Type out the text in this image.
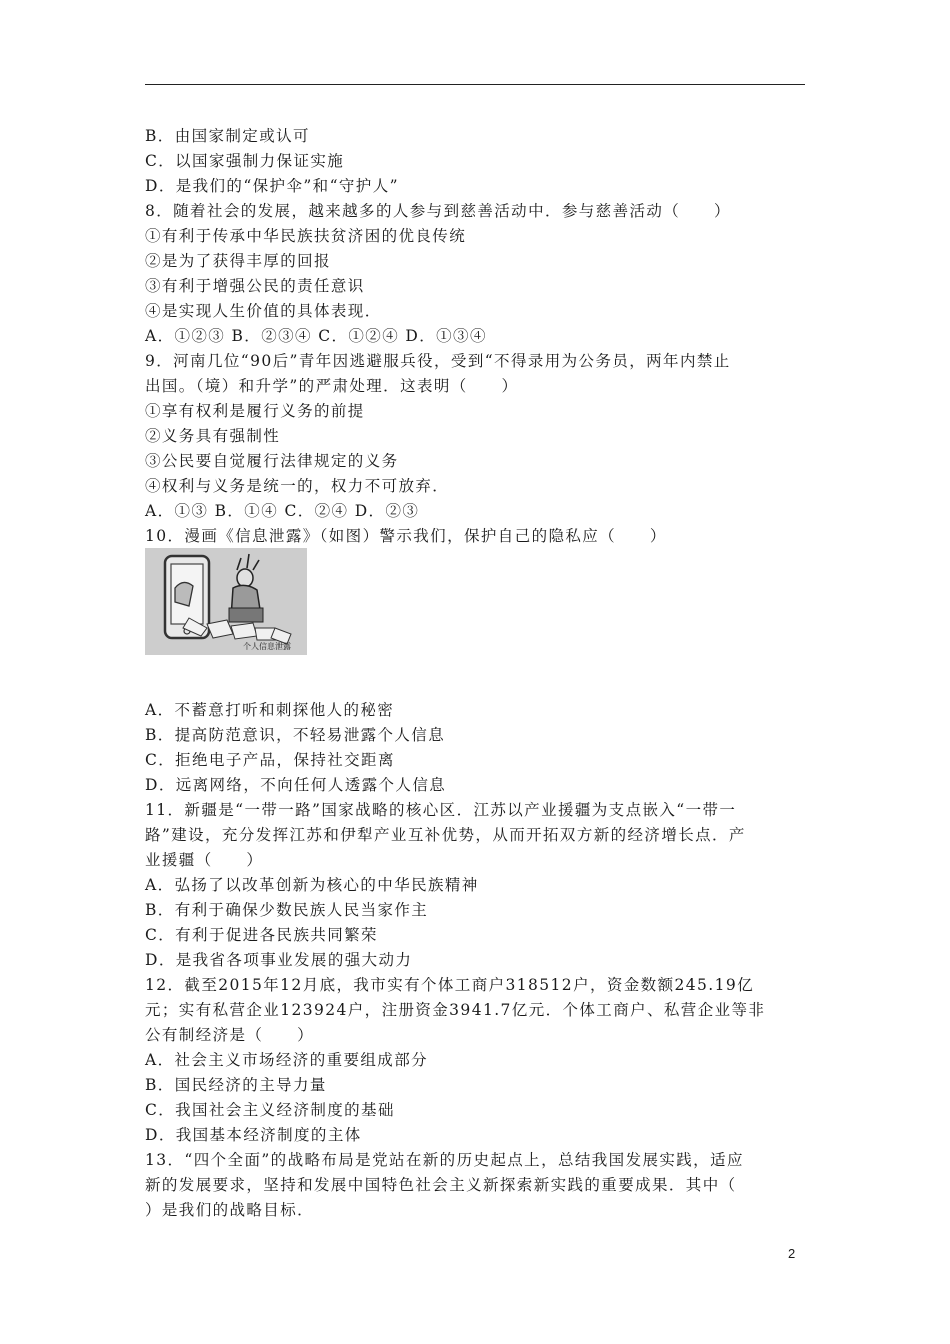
B．由国家制定或认可
C．以国家强制力保证实施
D．是我们的“保护伞”和“守护人”
8．随着社会的发展，越来越多的人参与到慈善活动中．参与慈善活动（　　）
①有利于传承中华民族扶贫济困的优良传统
②是为了获得丰厚的回报
③有利于增强公民的责任意识
④是实现人生价值的具体表现．
A．①②③ B．②③④ C．①②④ D．①③④
9．河南几位“90后”青年因逃避服兵役，受到“不得录用为公务员，两年内禁止
出国。（境）和升学”的严肃处理．这表明（　　）
①享有权利是履行义务的前提
②义务具有强制性
③公民要自觉履行法律规定的义务
④权利与义务是统一的，权力不可放弃．
A．①③ B．①④ C．②④ D．②③
10．漫画《信息泄露》（如图）警示我们，保护自己的隐私应（　　）
A．不蓄意打听和刺探他人的秘密
B．提高防范意识，不轻易泄露个人信息
C．拒绝电子产品，保持社交距离
D．远离网络，不向任何人透露个人信息
11．新疆是“一带一路”国家战略的核心区．江苏以产业援疆为支点嵌入“一带一
路”建设，充分发挥江苏和伊犁产业互补优势，从而开拓双方新的经济增长点．产
业援疆（　　）
A．弘扬了以改革创新为核心的中华民族精神
B．有利于确保少数民族人民当家作主
C．有利于促进各民族共同繁荣
D．是我省各项事业发展的强大动力
12．截至2015年12月底，我市实有个体工商户318512户，资金数额245.19亿
元；实有私营企业123924户，注册资金3941.7亿元．个体工商户、私营企业等非
公有制经济是（　　）
A．社会主义市场经济的重要组成部分
B．国民经济的主导力量
C．我国社会主义经济制度的基础
D．我国基本经济制度的主体
13．“四个全面”的战略布局是党站在新的历史起点上，总结我国发展实践，适应
新的发展要求，坚持和发展中国特色社会主义新探索新实践的重要成果．其中（
）是我们的战略目标．
个人信息泄露
2
